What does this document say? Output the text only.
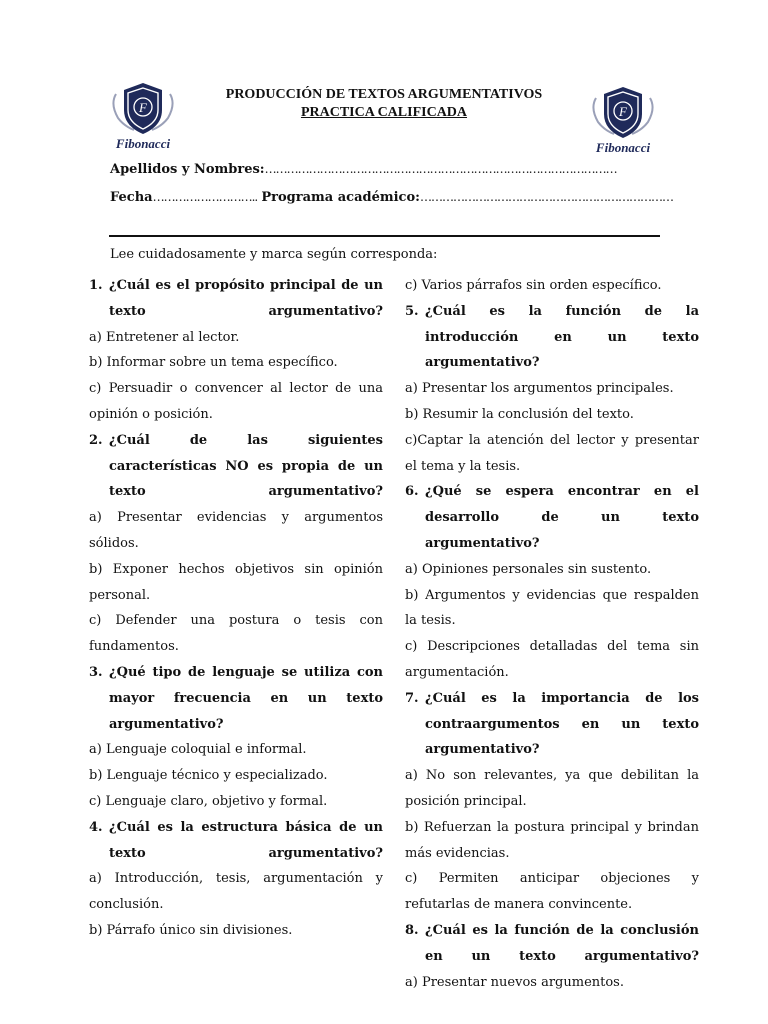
F
Fibonacci
F
Fibonacci
PRODUCCIÓN DE TEXTOS ARGUMENTATIVOS
PRACTICA CALIFICADA
Apellidos y Nombres:……………………………………………………………………………………
Fecha……………………….. Programa académico:……………………………………………………………
Lee cuidadosamente y marca según corresponda:
1. ¿Cuál es el propósito principal de un texto argumentativo?
a) Entretener al lector.
b) Informar sobre un tema específico.
c) Persuadir o convencer al lector de una opinión o posición.
2. ¿Cuál de las siguientes características NO es propia de un texto argumentativo?
a) Presentar evidencias y argumentos sólidos.
b) Exponer hechos objetivos sin opinión personal.
c) Defender una postura o tesis con fundamentos.
3. ¿Qué tipo de lenguaje se utiliza con mayor frecuencia en un texto argumentativo?
a) Lenguaje coloquial e informal.
b) Lenguaje técnico y especializado.
c) Lenguaje claro, objetivo y formal.
4. ¿Cuál es la estructura básica de un texto argumentativo?
a) Introducción, tesis, argumentación y conclusión.
b) Párrafo único sin divisiones.
c) Varios párrafos sin orden específico.
5. ¿Cuál es la función de la introducción en un texto argumentativo?
a) Presentar los argumentos principales.
b) Resumir la conclusión del texto.
c)Captar la atención del lector y presentar el tema y la tesis.
6. ¿Qué se espera encontrar en el desarrollo de un texto argumentativo?
a) Opiniones personales sin sustento.
b) Argumentos y evidencias que respalden la tesis.
c) Descripciones detalladas del tema sin argumentación.
7. ¿Cuál es la importancia de los contraargumentos en un texto argumentativo?
a) No son relevantes, ya que debilitan la posición principal.
b) Refuerzan la postura principal y brindan más evidencias.
c) Permiten anticipar objeciones y refutarlas de manera convincente.
8. ¿Cuál es la función de la conclusión en un texto argumentativo?
a) Presentar nuevos argumentos.
